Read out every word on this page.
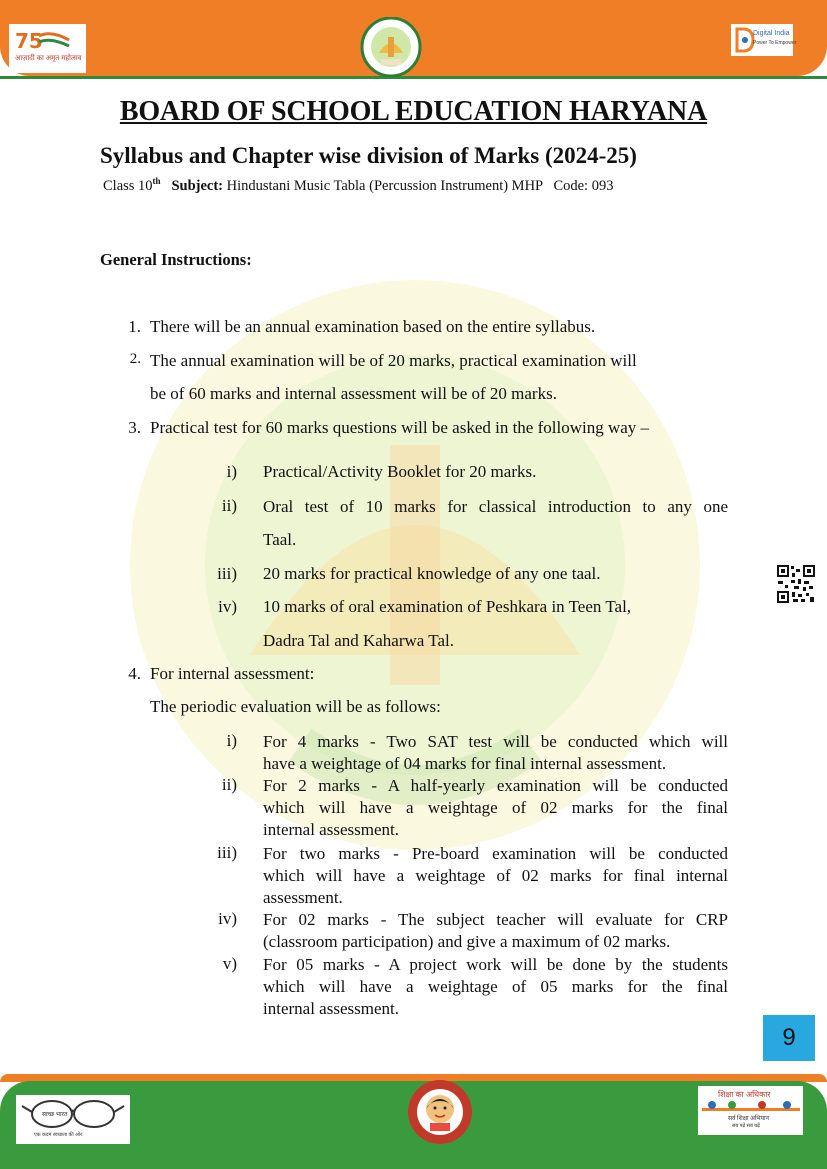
75
आज़ादी का अमृत महोत्सव
Digital India
Power To Empower
BOARD OF SCHOOL EDUCATION HARYANA
Syllabus and Chapter wise division of Marks (2024-25)
Class 10th Subject: Hindustani Music Tabla (Percussion Instrument) MHP Code: 093
General Instructions:
1. There will be an annual examination based on the entire syllabus.
2. The annual examination will be of 20 marks, practical examination will
be of 60 marks and internal assessment will be of 20 marks.
3. Practical test for 60 marks questions will be asked in the following way –
i) Practical/Activity Booklet for 20 marks.
ii) Oral test of 10 marks for classical introduction to any one
Taal.
iii) 20 marks for practical knowledge of any one taal.
iv) 10 marks of oral examination of Peshkara in Teen Tal,
Dadra Tal and Kaharwa Tal.
4. For internal assessment:
The periodic evaluation will be as follows:
i) For 4 marks - Two SAT test will be conducted which will
have a weightage of 04 marks for final internal assessment.
ii) For 2 marks - A half-yearly examination will be conducted
which will have a weightage of 02 marks for the final
internal assessment.
iii) For two marks - Pre-board examination will be conducted
which will have a weightage of 02 marks for final internal
assessment.
iv) For 02 marks - The subject teacher will evaluate for CRP
(classroom participation) and give a maximum of 02 marks.
v) For 05 marks - A project work will be done by the students
which will have a weightage of 05 marks for the final
internal assessment.
9
स्वच्छ भारत
एक कदम स्वच्छता की ओर
शिक्षा का अधिकार
सर्व शिक्षा अभियान
सब पढ़ें सब बढ़ें
